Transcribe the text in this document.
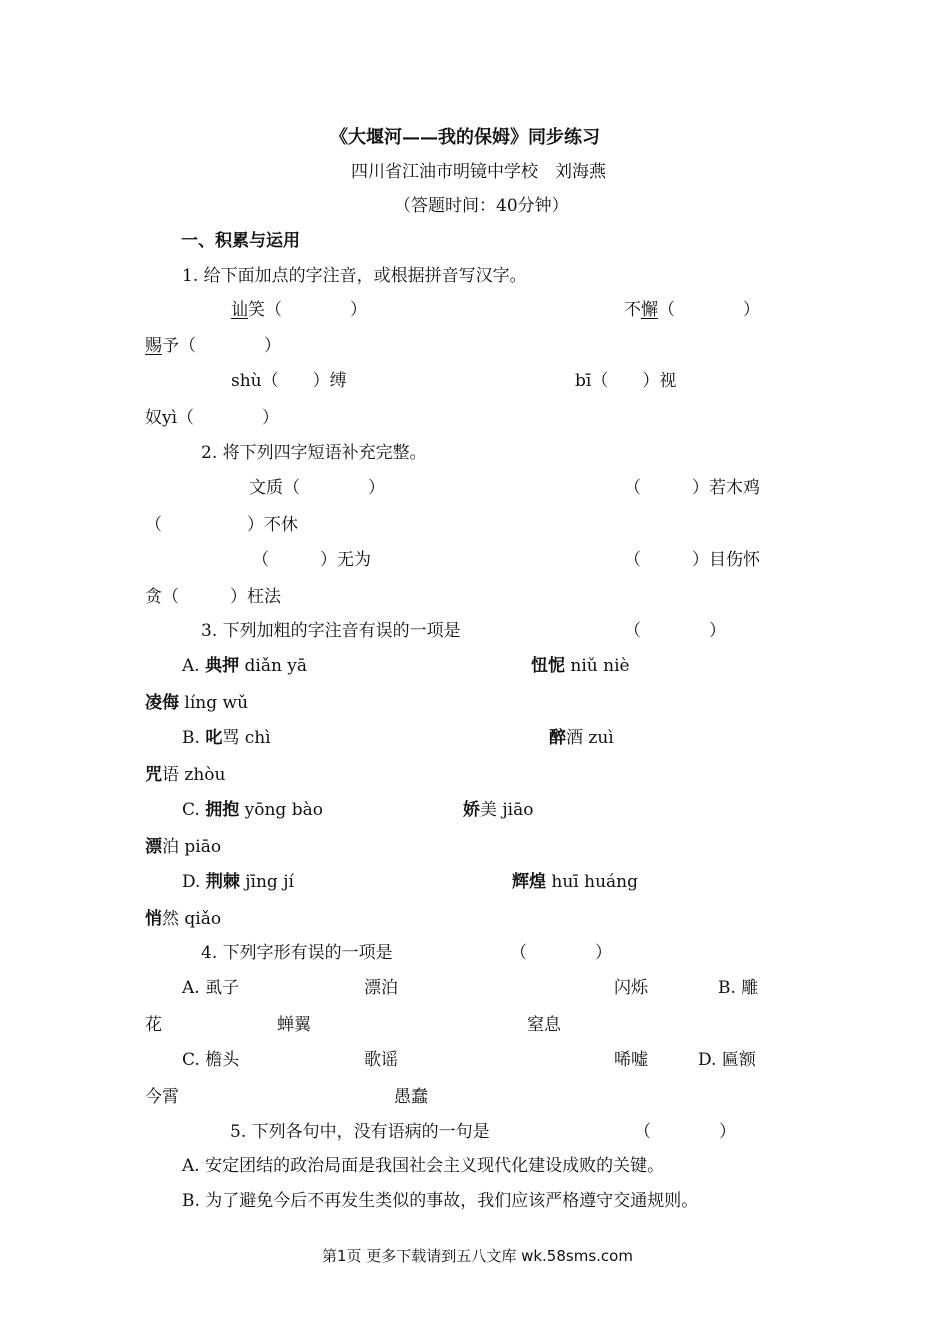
《大堰河——我的保姆》同步练习
四川省江油市明镜中学校　刘海燕
（答题时间：40分钟）
一、积累与运用
1. 给下面加点的字注音，或根据拼音写汉字。
讪笑（　　　　）	不懈（　　　　）
赐予（　　　　）
shù（　　）缚	bī（　　）视
奴yì（　　　　）
2. 将下列四字短语补充完整。
文质（　　　　）	（　　　）若木鸡
（　　　　　）不休
（　　　）无为	（　　　）目伤怀
贪（　　　）枉法
3. 下列加粗的字注音有误的一项是	（　　　　）
A. 典押 diǎn yā	忸怩 niǔ niè
凌侮 líng wǔ
B. 叱骂 chì	醉酒 zuì
咒语 zhòu
C. 拥抱 yōng bào	娇美 jiāo
漂泊 piāo
D. 荆棘 jīng jí	辉煌 huī huáng
悄然 qiǎo
4. 下列字形有误的一项是	（　　　　）
A. 虱子	漂泊	闪烁	B. 雕
花	蝉翼	窒息
C. 檐头	歌谣	唏嘘	D. 匾额
今霄	愚蠢
5. 下列各句中，没有语病的一句是	（　　　　）
A. 安定团结的政治局面是我国社会主义现代化建设成败的关键。
B. 为了避免今后不再发生类似的事故，我们应该严格遵守交通规则。
第1页 更多下载请到五八文库 wk.58sms.com
